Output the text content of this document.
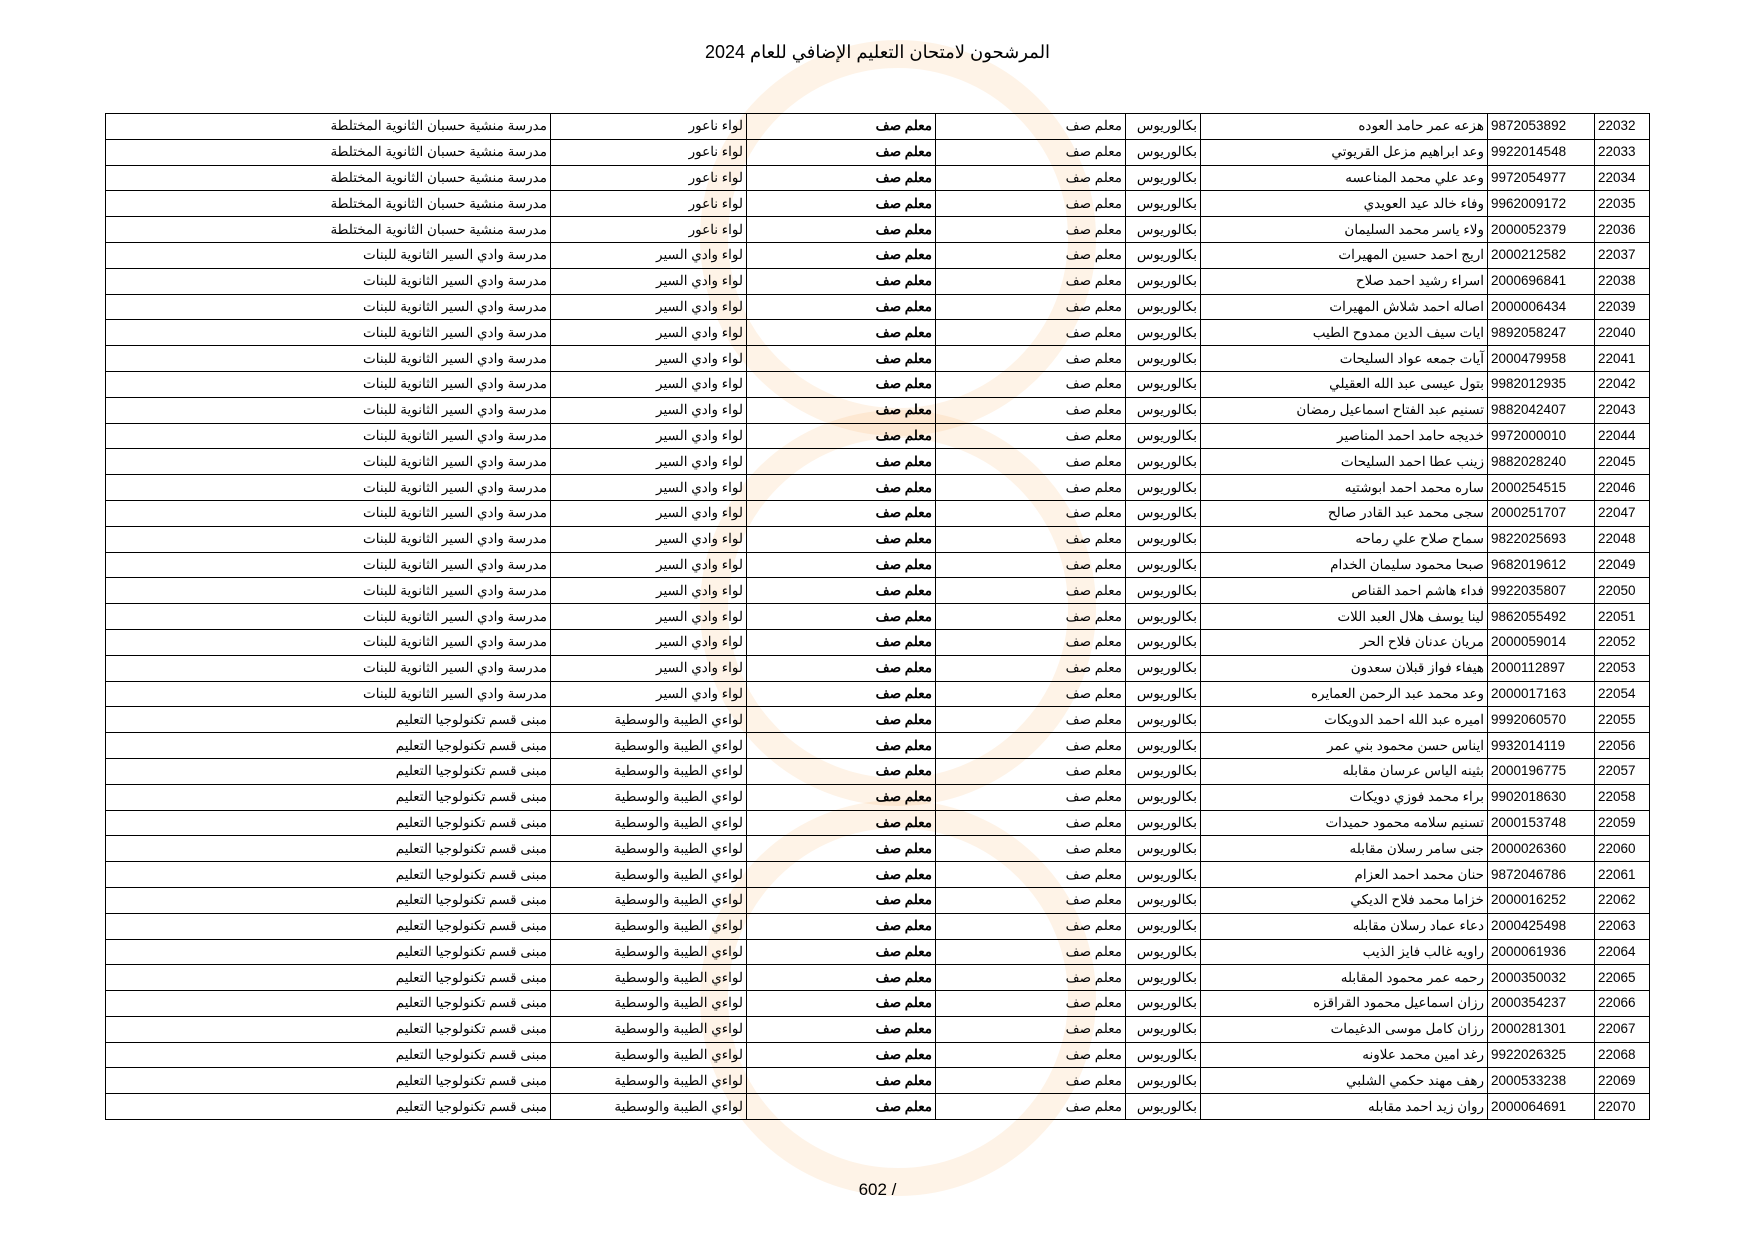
المرشحون لامتحان التعليم الإضافي للعام 2024
22032	9872053892	هزعه عمر حامد العوده	بكالوريوس	معلم صف	معلم صف	لواء ناعور	مدرسة منشية حسبان الثانوية المختلطة
22033	9922014548	وعد ابراهيم مزعل القريوتي	بكالوريوس	معلم صف	معلم صف	لواء ناعور	مدرسة منشية حسبان الثانوية المختلطة
22034	9972054977	وعد علي محمد المناعسه	بكالوريوس	معلم صف	معلم صف	لواء ناعور	مدرسة منشية حسبان الثانوية المختلطة
22035	9962009172	وفاء خالد عيد العويدي	بكالوريوس	معلم صف	معلم صف	لواء ناعور	مدرسة منشية حسبان الثانوية المختلطة
22036	2000052379	ولاء ياسر محمد السليمان	بكالوريوس	معلم صف	معلم صف	لواء ناعور	مدرسة منشية حسبان الثانوية المختلطة
22037	2000212582	اريج احمد حسين المهيرات	بكالوريوس	معلم صف	معلم صف	لواء وادي السير	مدرسة وادي السير الثانوية للبنات
22038	2000696841	اسراء رشيد احمد صلاح	بكالوريوس	معلم صف	معلم صف	لواء وادي السير	مدرسة وادي السير الثانوية للبنات
22039	2000006434	اصاله احمد شلاش المهيرات	بكالوريوس	معلم صف	معلم صف	لواء وادي السير	مدرسة وادي السير الثانوية للبنات
22040	9892058247	ايات سيف الدين ممدوح الطيب	بكالوريوس	معلم صف	معلم صف	لواء وادي السير	مدرسة وادي السير الثانوية للبنات
22041	2000479958	آيات جمعه عواد السليحات	بكالوريوس	معلم صف	معلم صف	لواء وادي السير	مدرسة وادي السير الثانوية للبنات
22042	9982012935	بتول عيسى عبد الله العقيلي	بكالوريوس	معلم صف	معلم صف	لواء وادي السير	مدرسة وادي السير الثانوية للبنات
22043	9882042407	تسنيم عبد الفتاح اسماعيل رمضان	بكالوريوس	معلم صف	معلم صف	لواء وادي السير	مدرسة وادي السير الثانوية للبنات
22044	9972000010	خديجه حامد احمد المناصير	بكالوريوس	معلم صف	معلم صف	لواء وادي السير	مدرسة وادي السير الثانوية للبنات
22045	9882028240	زينب عطا احمد السليحات	بكالوريوس	معلم صف	معلم صف	لواء وادي السير	مدرسة وادي السير الثانوية للبنات
22046	2000254515	ساره محمد احمد ابوشتيه	بكالوريوس	معلم صف	معلم صف	لواء وادي السير	مدرسة وادي السير الثانوية للبنات
22047	2000251707	سجى محمد عبد القادر صالح	بكالوريوس	معلم صف	معلم صف	لواء وادي السير	مدرسة وادي السير الثانوية للبنات
22048	9822025693	سماح صلاح علي رماحه	بكالوريوس	معلم صف	معلم صف	لواء وادي السير	مدرسة وادي السير الثانوية للبنات
22049	9682019612	صبحا محمود سليمان الخدام	بكالوريوس	معلم صف	معلم صف	لواء وادي السير	مدرسة وادي السير الثانوية للبنات
22050	9922035807	فداء هاشم احمد القناص	بكالوريوس	معلم صف	معلم صف	لواء وادي السير	مدرسة وادي السير الثانوية للبنات
22051	9862055492	لينا يوسف هلال العبد اللات	بكالوريوس	معلم صف	معلم صف	لواء وادي السير	مدرسة وادي السير الثانوية للبنات
22052	2000059014	مريان عدنان فلاح الحر	بكالوريوس	معلم صف	معلم صف	لواء وادي السير	مدرسة وادي السير الثانوية للبنات
22053	2000112897	هيفاء فواز قبلان سعدون	بكالوريوس	معلم صف	معلم صف	لواء وادي السير	مدرسة وادي السير الثانوية للبنات
22054	2000017163	وعد محمد عبد الرحمن العمايره	بكالوريوس	معلم صف	معلم صف	لواء وادي السير	مدرسة وادي السير الثانوية للبنات
22055	9992060570	اميره عبد الله احمد الدويكات	بكالوريوس	معلم صف	معلم صف	لواءي الطيبة والوسطية	مبنى قسم تكنولوجيا التعليم
22056	9932014119	ايناس حسن محمود بني عمر	بكالوريوس	معلم صف	معلم صف	لواءي الطيبة والوسطية	مبنى قسم تكنولوجيا التعليم
22057	2000196775	بثينه الياس عرسان مقابله	بكالوريوس	معلم صف	معلم صف	لواءي الطيبة والوسطية	مبنى قسم تكنولوجيا التعليم
22058	9902018630	براء محمد فوزي دويكات	بكالوريوس	معلم صف	معلم صف	لواءي الطيبة والوسطية	مبنى قسم تكنولوجيا التعليم
22059	2000153748	تسنيم سلامه محمود حميدات	بكالوريوس	معلم صف	معلم صف	لواءي الطيبة والوسطية	مبنى قسم تكنولوجيا التعليم
22060	2000026360	جنى سامر رسلان مقابله	بكالوريوس	معلم صف	معلم صف	لواءي الطيبة والوسطية	مبنى قسم تكنولوجيا التعليم
22061	9872046786	حنان محمد احمد العزام	بكالوريوس	معلم صف	معلم صف	لواءي الطيبة والوسطية	مبنى قسم تكنولوجيا التعليم
22062	2000016252	خزاما محمد فلاح الديكي	بكالوريوس	معلم صف	معلم صف	لواءي الطيبة والوسطية	مبنى قسم تكنولوجيا التعليم
22063	2000425498	دعاء عماد رسلان مقابله	بكالوريوس	معلم صف	معلم صف	لواءي الطيبة والوسطية	مبنى قسم تكنولوجيا التعليم
22064	2000061936	راويه غالب فايز الذيب	بكالوريوس	معلم صف	معلم صف	لواءي الطيبة والوسطية	مبنى قسم تكنولوجيا التعليم
22065	2000350032	رحمه عمر محمود المقابله	بكالوريوس	معلم صف	معلم صف	لواءي الطيبة والوسطية	مبنى قسم تكنولوجيا التعليم
22066	2000354237	رزان اسماعيل محمود القراقزه	بكالوريوس	معلم صف	معلم صف	لواءي الطيبة والوسطية	مبنى قسم تكنولوجيا التعليم
22067	2000281301	رزان كامل موسى الدغيمات	بكالوريوس	معلم صف	معلم صف	لواءي الطيبة والوسطية	مبنى قسم تكنولوجيا التعليم
22068	9922026325	رغد امين محمد علاونه	بكالوريوس	معلم صف	معلم صف	لواءي الطيبة والوسطية	مبنى قسم تكنولوجيا التعليم
22069	2000533238	رهف مهند حكمي الشلبي	بكالوريوس	معلم صف	معلم صف	لواءي الطيبة والوسطية	مبنى قسم تكنولوجيا التعليم
22070	2000064691	روان زيد احمد مقابله	بكالوريوس	معلم صف	معلم صف	لواءي الطيبة والوسطية	مبنى قسم تكنولوجيا التعليم
602 /
